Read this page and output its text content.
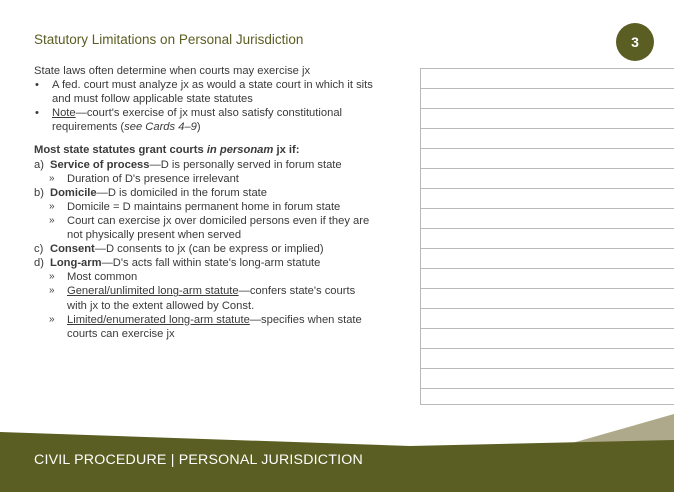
Statutory Limitations on Personal Jurisdiction	3

State laws often determine when courts may exercise jx

• A fed. court must analyze jx as would a state court in which it sits
and must follow applicable state statutes
• Note—court's exercise of jx must also satisfy constitutional
requirements (see Cards 4–9)

Most state statutes grant courts in personam jx if:

a) Service of process—D is personally served in forum state
» Duration of D's presence irrelevant
b) Domicile—D is domiciled in the forum state
» Domicile = D maintains permanent home in forum state
» Court can exercise jx over domiciled persons even if they are
not physically present when served
c) Consent—D consents to jx (can be express or implied)
d) Long-arm—D's acts fall within state's long-arm statute
» Most common
» General/unlimited long-arm statute—confers state's courts
with jx to the extent allowed by Const.
» Limited/enumerated long-arm statute—specifies when state
courts can exercise jx
CIVIL PROCEDURE | PERSONAL JURISDICTION
